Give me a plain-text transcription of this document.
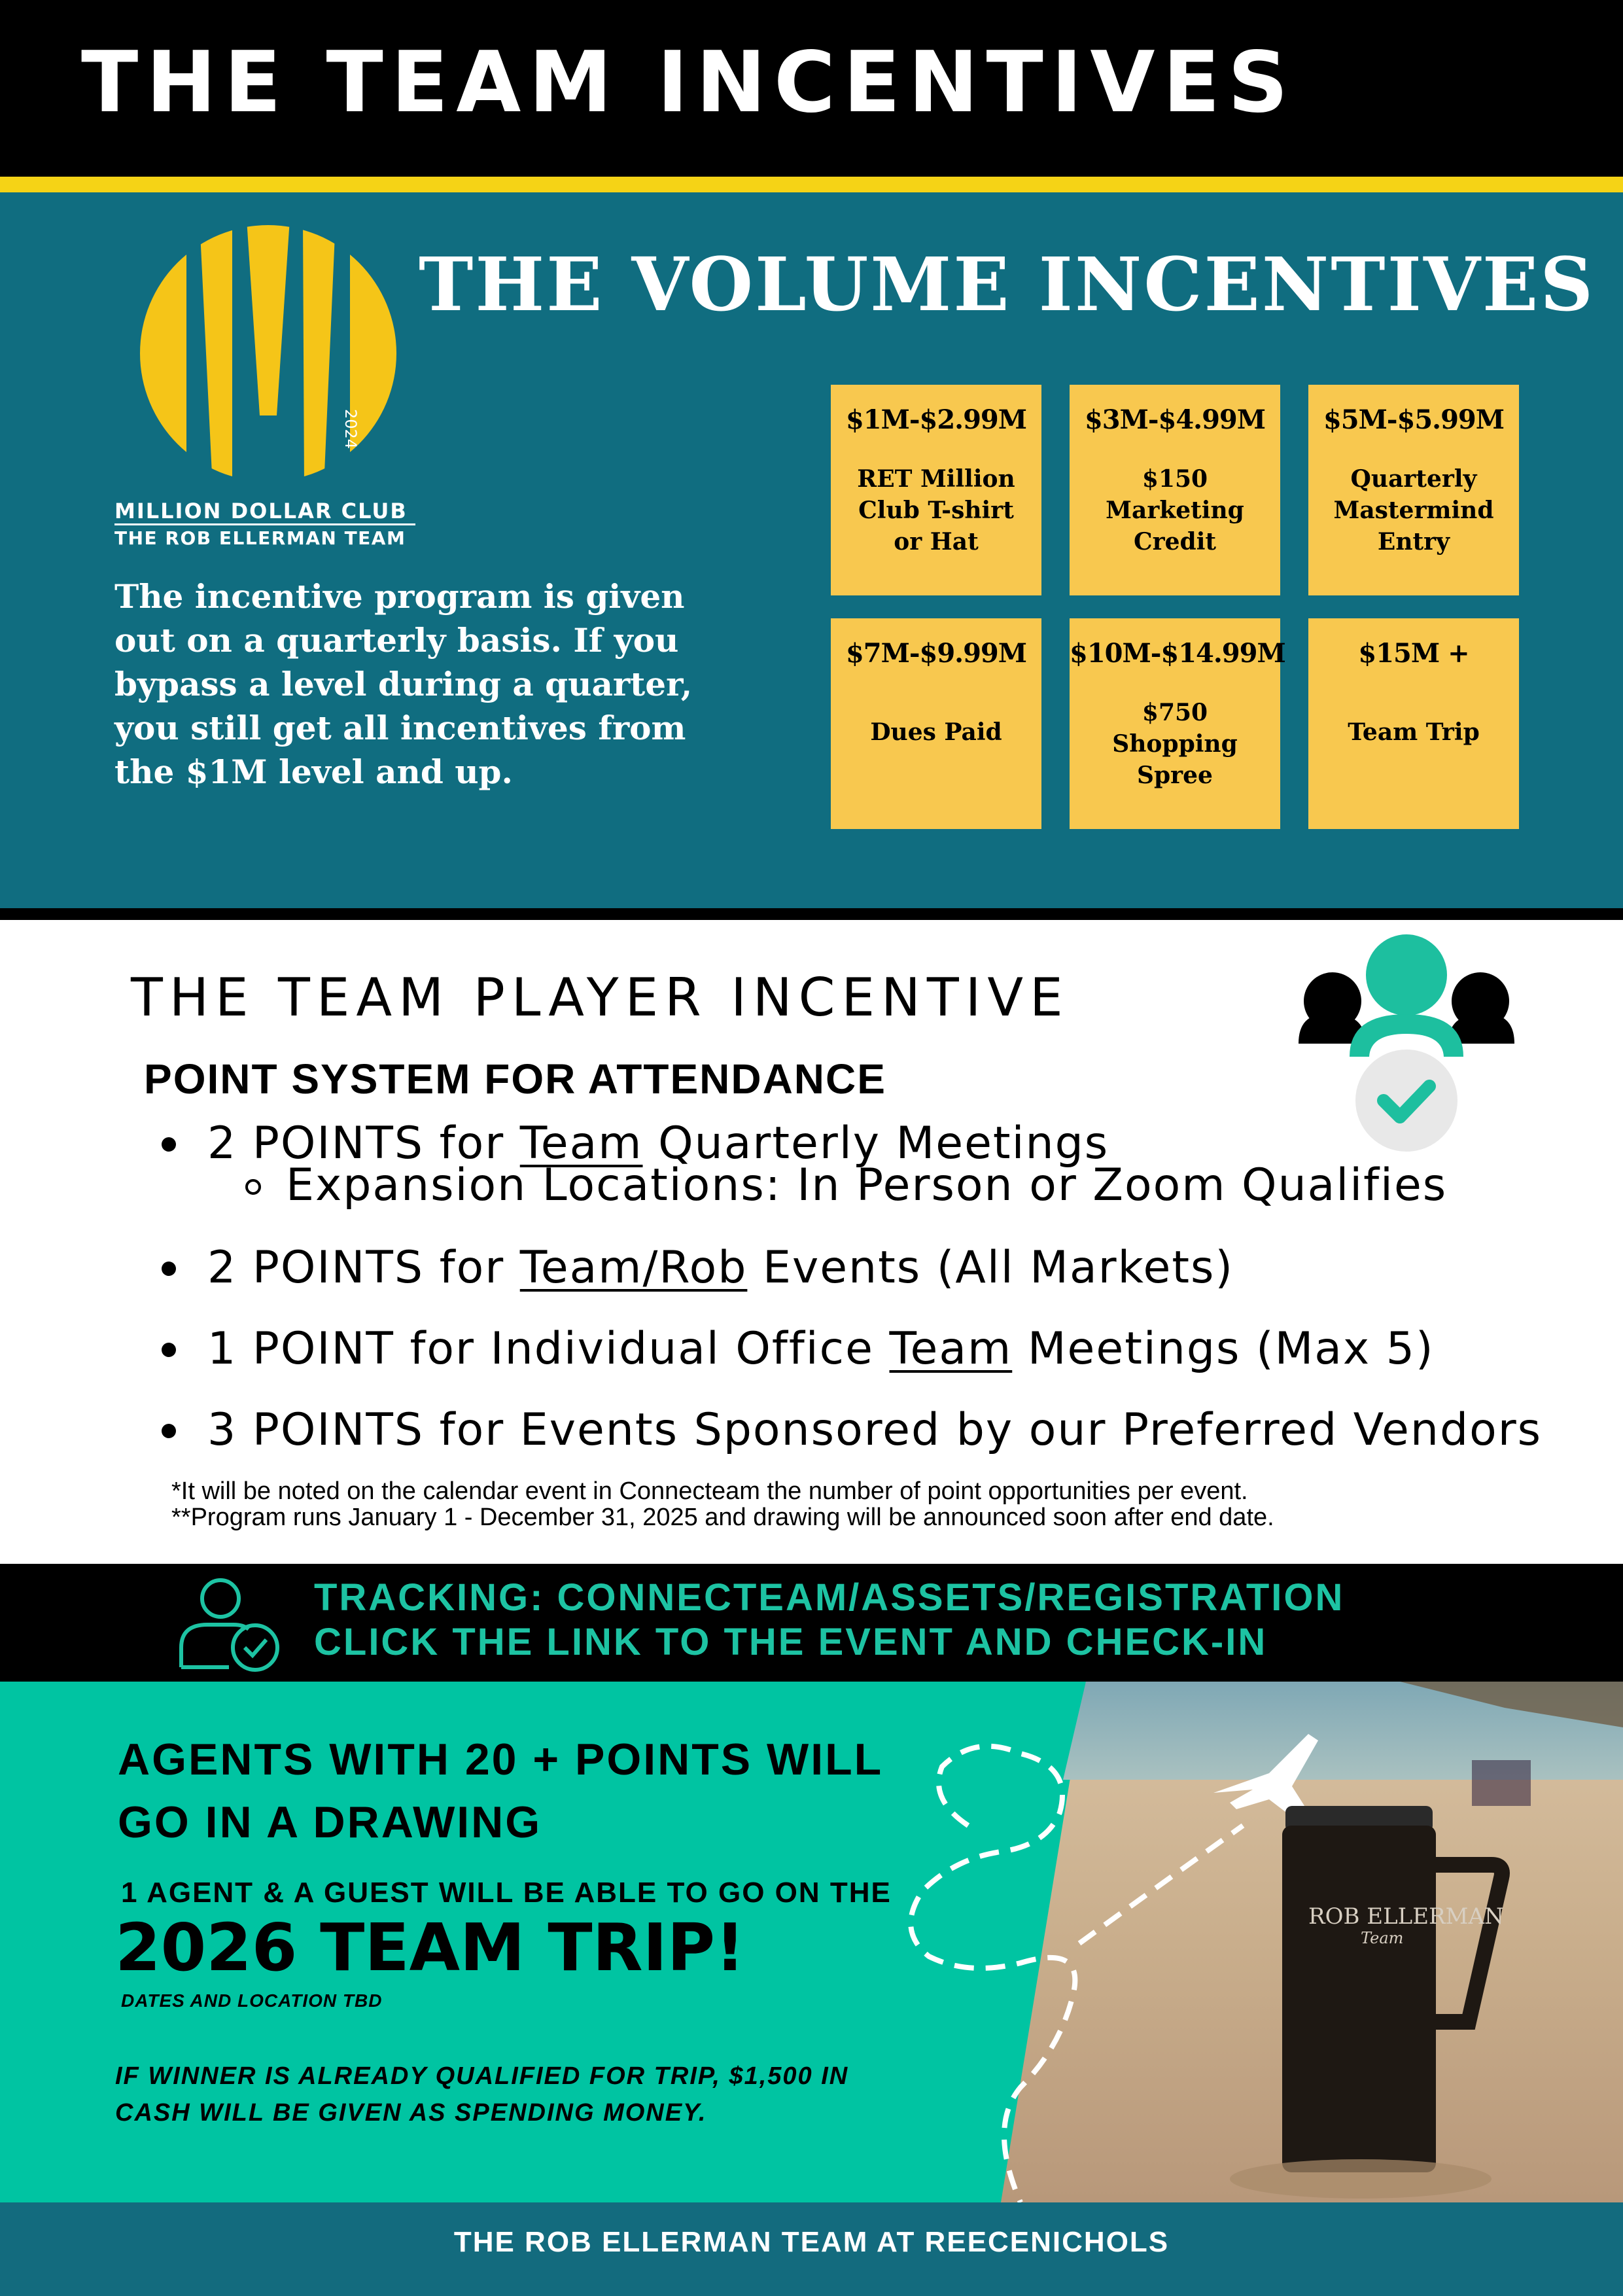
THE TEAM INCENTIVES
2024
MILLION DOLLAR CLUB
THE ROB ELLERMAN TEAM
THE VOLUME INCENTIVES
The incentive program is given out on a quarterly basis. If you bypass a level during a quarter, you still get all incentives from the $1M level and up.
$1M-$2.99M
RET Million Club T-shirt or Hat
$3M-$4.99M
$150 Marketing Credit
$5M-$5.99M
Quarterly Mastermind Entry
$7M-$9.99M
Dues Paid
$10M-$14.99M
$750 Shopping Spree
$15M +
Team Trip
THE TEAM PLAYER INCENTIVE
POINT SYSTEM FOR ATTENDANCE
2 POINTS for Team Quarterly Meetings
Expansion Locations: In Person or Zoom Qualifies
2 POINTS for Team/Rob Events (All Markets)
1 POINT for Individual Office Team Meetings (Max 5)
3 POINTS for Events Sponsored by our Preferred Vendors
*It will be noted on the calendar event in Connecteam the number of point opportunities per event.
**Program runs January 1 - December 31, 2025 and drawing will be announced soon after end date.
TRACKING: CONNECTEAM/ASSETS/REGISTRATION
CLICK THE LINK TO THE EVENT AND CHECK-IN
ROB ELLERMAN
Team
AGENTS WITH 20 + POINTS WILL
GO IN A DRAWING
1 AGENT & A GUEST WILL BE ABLE TO GO ON THE
2026 TEAM TRIP!
DATES AND LOCATION TBD
IF WINNER IS ALREADY QUALIFIED FOR TRIP, $1,500 IN
CASH WILL BE GIVEN AS SPENDING MONEY.
THE ROB ELLERMAN TEAM AT REECENICHOLS
